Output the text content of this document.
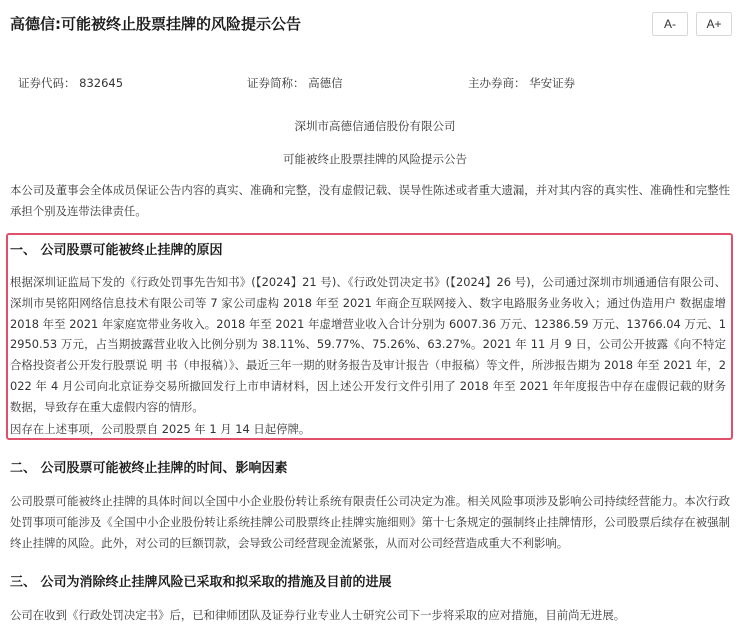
高德信:可能被终止股票挂牌的风险提示公告	A-	A+
证券代码： 832645	证券简称： 高德信	主办券商： 华安证券
深圳市高德信通信股份有限公司
可能被终止股票挂牌的风险提示公告
本公司及董事会全体成员保证公告内容的真实、准确和完整，没有虚假记载、误导性陈述或者重大遗漏，并对其内容的真实性、准确性和完整性承担个别及连带法律责任。
一、 公司股票可能被终止挂牌的原因
根据深圳证监局下发的《行政处罚事先告知书》(【2024】21 号)、《行政处罚决定书》(【2024】26 号)，公司通过深圳市圳通通信有限公司、深圳市昊铭阳网络信息技术有限公司等 7 家公司虚构 2018 年至 2021 年商企互联网接入、数字电路服务业务收入；通过伪造用户 数据虚增 2018 年至 2021 年家庭宽带业务收入。2018 年至 2021 年虚增营业收入合计分别为 6007.36 万元、12386.59 万元、13766.04 万元、12950.53 万元，占当期披露营业收入比例分别为 38.11%、59.77%、75.26%、63.27%。2021 年 11 月 9 日，公司公开披露《向不特定合格投资者公开发行股票说 明 书（申报稿）》、最近三年一期的财务报告及审计报告（申报稿）等文件，所涉报告期为 2018 年至 2021 年，2022 年 4 月公司向北京证券交易所撤回发行上市申请材料，因上述公开发行文件引用了 2018 年至 2021 年年度报告中存在虚假记载的财务数据，导致存在重大虚假内容的情形。
因存在上述事项，公司股票自 2025 年 1 月 14 日起停牌。
二、 公司股票可能被终止挂牌的时间、影响因素
公司股票可能被终止挂牌的具体时间以全国中小企业股份转让系统有限责任公司决定为准。相关风险事项涉及影响公司持续经营能力。本次行政处罚事项可能涉及《全国中小企业股份转让系统挂牌公司股票终止挂牌实施细则》第十七条规定的强制终止挂牌情形，公司股票后续存在被强制终止挂牌的风险。此外，对公司的巨额罚款，会导致公司经营现金流紧张，从而对公司经营造成重大不利影响。
三、 公司为消除终止挂牌风险已采取和拟采取的措施及目前的进展
公司在收到《行政处罚决定书》后，已和律师团队及证券行业专业人士研究公司下一步将采取的应对措施，目前尚无进展。
